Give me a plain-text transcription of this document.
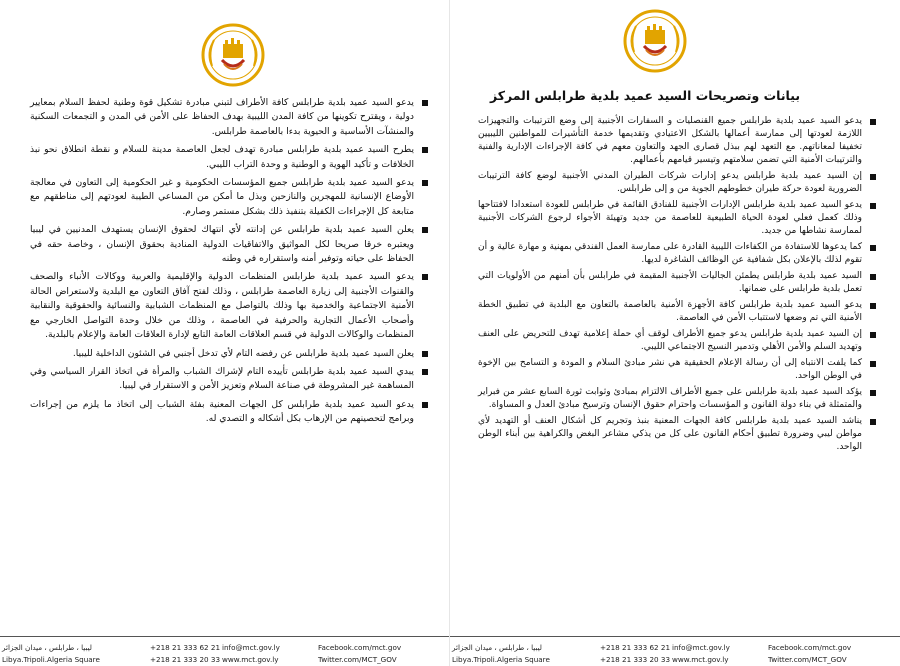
يدعو السيد عميد بلدية طرابلس كافة الأطراف لتبني مبادرة تشكيل قوة وطنية لحفظ السلام بمعايير دولية ، ويقترح تكوينها من كافة المدن الليبية بهدف الحفاظ على الأمن في المدن و التجمعات السكنية والمنشآت الأساسية و الحيوية بدءا بالعاصمة طرابلس.

يطرح السيد عميد بلدية طرابلس مبادرة تهدف لجعل العاصمة مدينة للسلام و نقطة انطلاق نحو نبذ الخلافات و تأكيد الهوية و الوطنية و وحدة التراب الليبي.

يدعو السيد عميد بلدية طرابلس جميع المؤسسات الحكومية و غير الحكومية إلى التعاون في معالجة الأوضاع الإنسانية للمهجرين والنازحين وبذل ما أمكن من المساعي الطيبة لعودتهم إلى مناطقهم مع متابعة كل الإجراءات الكفيلة بتنفيذ ذلك بشكل مستمر وصارم.

يعلن السيد عميد بلدية طرابلس عن إدانته لأي انتهاك لحقوق الإنسان يستهدف المدنيين في ليبيا ويعتبره خرقا صريحا لكل المواثيق والاتفاقيات الدولية المنادية بحقوق الإنسان ، وخاصة حقه في الحفاظ على حياته وتوفير أمنه واستقراره في وطنه

يدعو السيد عميد بلدية طرابلس المنظمات الدولية والإقليمية والعربية ووكالات الأنباء والصحف والقنوات الأجنبية إلى زيارة العاصمة طرابلس ، وذلك لفتح آفاق التعاون مع البلدية ولاستعراض الحالة الأمنية الاجتماعية والخدمية بها وذلك بالتواصل مع المنظمات الشبابية والنسائية والحقوقية والنقابية وأصحاب الأعمال التجارية والحرفية في العاصمة ، وذلك من خلال وحدة التواصل الخارجي مع المنظمات والوكالات الدولية في قسم العلاقات العامة التابع لإدارة العلاقات العامة والإعلام بالبلدية.

يعلن السيد عميد بلدية طرابلس عن رفضه التام لأي تدخل أجنبي في الشئون الداخلية لليبيا.

يبدي السيد عميد بلدية طرابلس تأييده التام لإشراك الشباب والمرأة في اتخاذ القرار السياسي وفي المساهمة غير المشروطة في صناعة السلام وتعزيز الأمن و الاستقرار في ليبيا.

يدعو السيد عميد بلدية طرابلس كل الجهات المعنية بفئة الشباب إلى اتخاذ ما يلزم من إجراءات وبرامج لتحصينهم من الإرهاب بكل أشكاله و التصدي له.

Facebook.com/mct.gov
Twitter.com/MCT_GOV
info@mct.gov.ly
www.mct.gov.ly
+218 21 333 62 21
+218 21 333 20 33
ليبيا ، طرابلس ، ميدان الجزائر
Libya.Tripoli.Algeria Square
بيانات وتصريحات السيد عميد بلدية طرابلس المركز

يدعو السيد عميد بلدية طرابلس جميع القنصليات و السفارات الأجنبية إلى وضع الترتيبات والتجهيزات اللازمة لعودتها إلى ممارسة أعمالها بالشكل الاعتيادي وتقديمها خدمة التأشيرات للمواطنين الليبيين تخفيفا لمعاناتهم. مع التعهد لهم ببذل قصارى الجهد والتعاون معهم في كافة الإجراءات الإدارية والفنية والترتيبات الأمنية التي تضمن سلامتهم وتيسير قيامهم بأعمالهم.

إن السيد عميد بلدية طرابلس يدعو إدارات شركات الطيران المدني الأجنبية لوضع كافة الترتيبات الضرورية لعودة حركة طيران خطوطهم الجوية من و إلى طرابلس.

يدعو السيد عميد بلدية طرابلس الإدارات الأجنبية للفنادق القائمة في طرابلس للعودة استعدادا لافتتاحها وذلك كعمل فعلي لعودة الحياة الطبيعية للعاصمة من جديد وتهيئة الأجواء لرجوع الشركات الأجنبية لممارسة نشاطها من جديد.

كما يدعوها للاستفادة من الكفاءات الليبية القادرة على ممارسة العمل الفندقي بمهنية و مهارة عالية و أن تقوم لذلك بالإعلان بكل شفافية عن الوظائف الشاغرة لديها.

السيد عميد بلدية طرابلس يطمئن الجاليات الأجنبية المقيمة في طرابلس بأن أمنهم من الأولويات التي تعمل بلدية طرابلس على ضمانها.

يدعو السيد عميد بلدية طرابلس كافة الأجهزة الأمنية بالعاصمة بالتعاون مع البلدية في تطبيق الخطة الأمنية التي تم وضعها لاستتباب الأمن في العاصمة.

إن السيد عميد بلدية طرابلس يدعو جميع الأطراف لوقف أي حملة إعلامية تهدف للتحريض على العنف وتهديد السلم والأمن الأهلي وتدمير النسيج الاجتماعي الليبي.

كما يلفت الانتباه إلى أن رسالة الإعلام الحقيقية هي نشر مبادئ السلام و المودة و التسامح بين الإخوة في الوطن الواحد.

يؤكد السيد عميد بلدية طرابلس على جميع الأطراف الالتزام بمبادئ وثوابت ثورة السابع عشر من فبراير والمتمثلة في بناء دولة القانون و المؤسسات واحترام حقوق الإنسان وترسيخ مبادئ العدل و المساواة.

يناشد السيد عميد بلدية طرابلس كافة الجهات المعنية بنبذ وتجريم كل أشكال العنف أو التهديد لأي مواطن ليبي وضرورة تطبيق أحكام القانون على كل من يذكي مشاعر البغض والكراهية بين أبناء الوطن الواحد.

Facebook.com/mct.gov
Twitter.com/MCT_GOV
info@mct.gov.ly
www.mct.gov.ly
+218 21 333 62 21
+218 21 333 20 33
ليبيا ، طرابلس ، ميدان الجزائر
Libya.Tripoli.Algeria Square
